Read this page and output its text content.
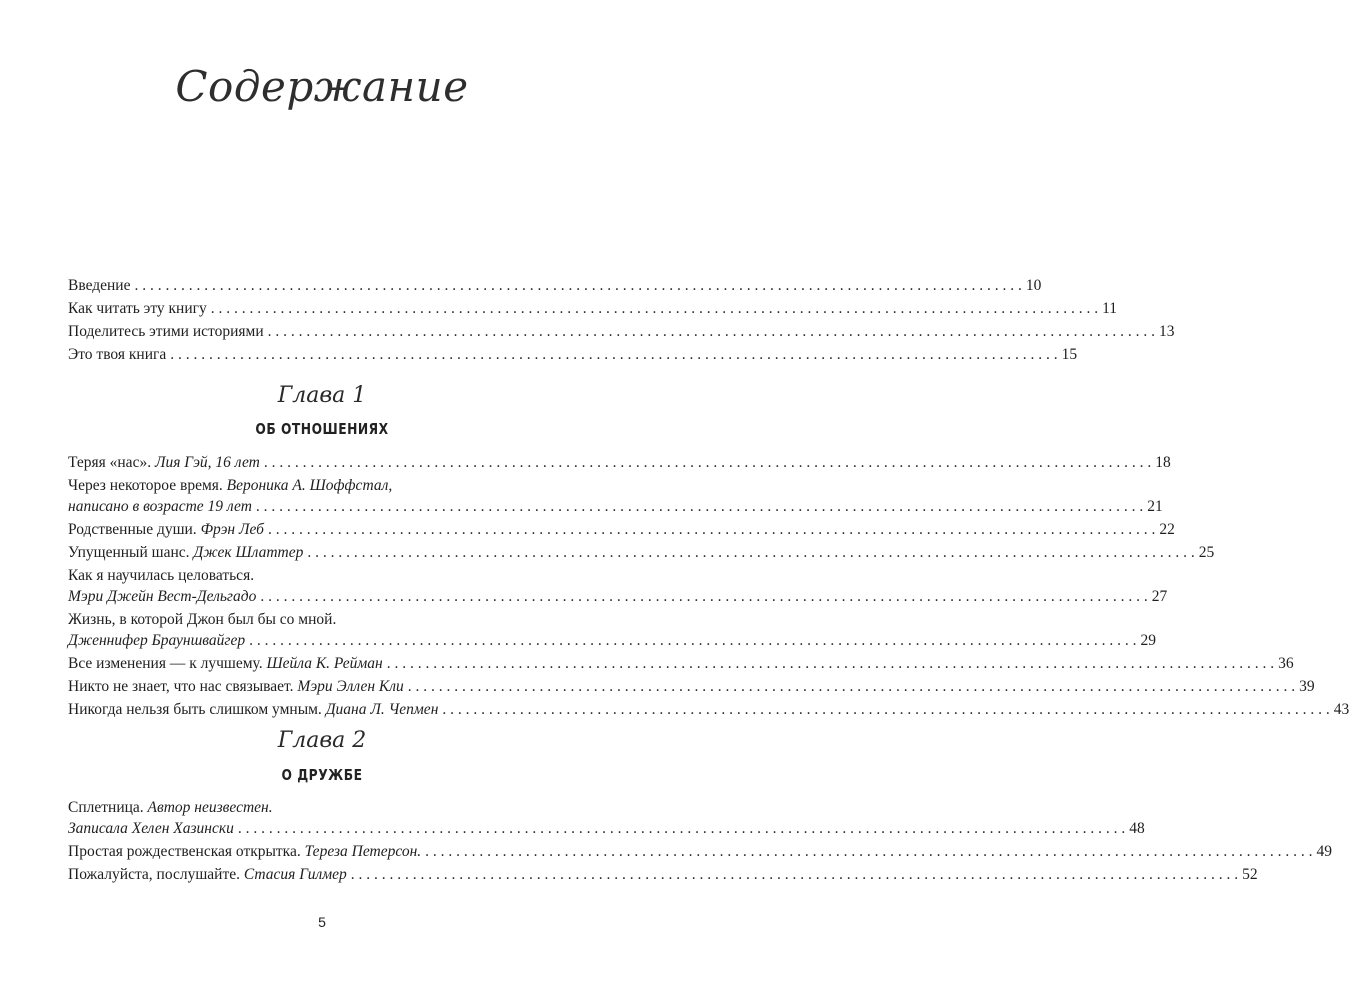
Содержание
Введение . . .	10
Как читать эту книгу . . .	11
Поделитесь этими историями . . .	13
Это твоя книга . . .	15
Глава 1
ОБ ОТНОШЕНИЯХ
Теряя «нас». Лия Гэй, 16 лет . . .	18
Через некоторое время. Вероника А. Шоффстал,
написано в возрасте 19 лет . . .	21
Родственные души. Фрэн Леб . . .	22
Упущенный шанс. Джек Шлаттер . . .	25
Как я научилась целоваться.
Мэри Джейн Вест-Дельгадо . . .	27
Жизнь, в которой Джон был бы со мной.
Дженнифер Брауншвайгер . . .	29
Все изменения — к лучшему. Шейла К. Рейман . . .	36
Никто не знает, что нас связывает. Мэри Эллен Кли . . .	39
Никогда нельзя быть слишком умным. Диана Л. Чепмен . . .	43
Глава 2
О ДРУЖБЕ
Сплетница. Автор неизвестен.
Записала Хелен Хазински . . .	48
Простая рождественская открытка. Тереза Петерсон. . . .	49
Пожалуйста, послушайте. Стасия Гилмер . . .	52
5
